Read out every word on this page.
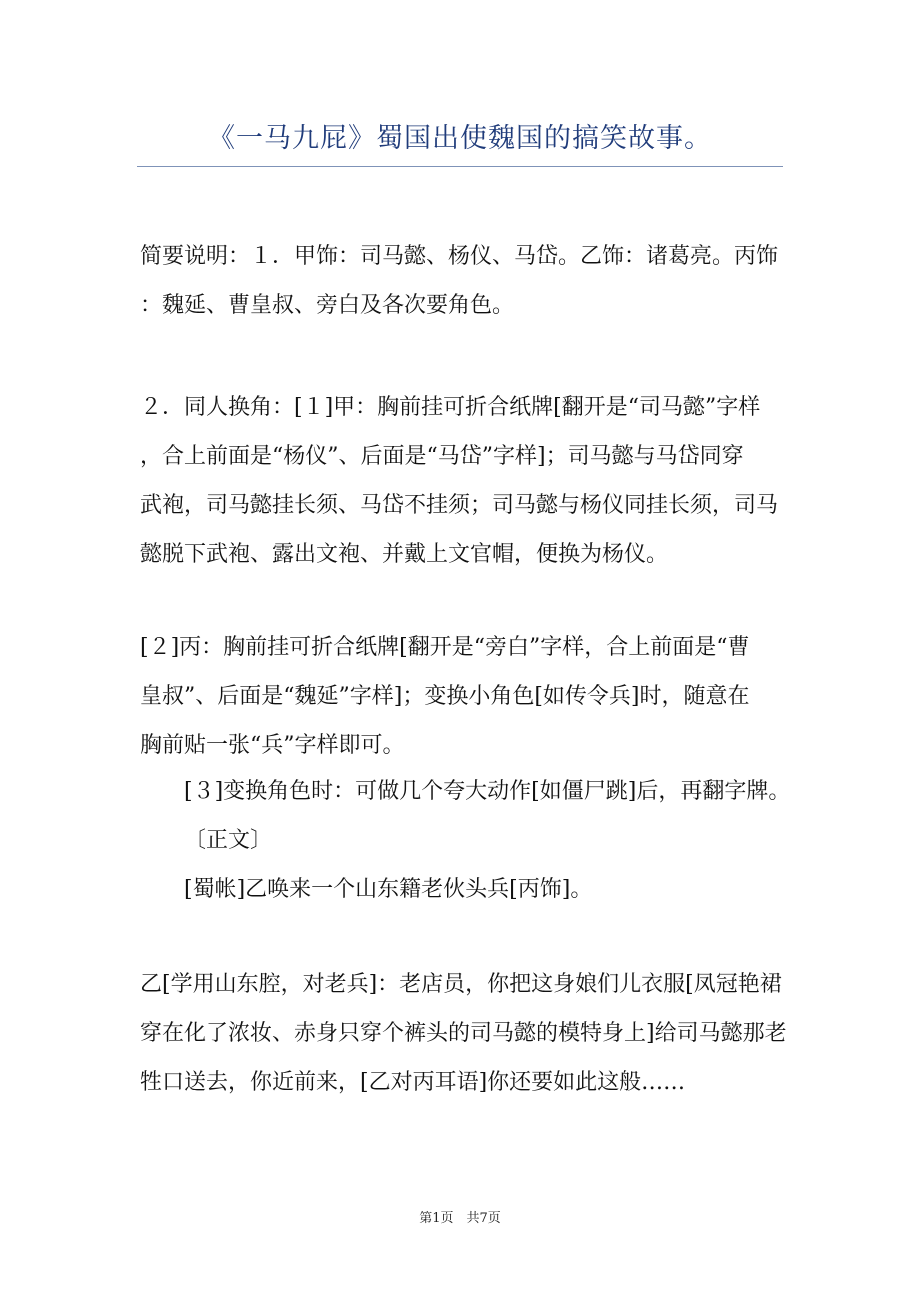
《一马九屁》蜀国出使魏国的搞笑故事。
简要说明：１．甲饰：司马懿、杨仪、马岱。乙饰：诸葛亮。丙饰
：魏延、曹皇叔、旁白及各次要角色。
２．同人换角：[１]甲：胸前挂可折合纸牌[翻开是“司马懿”字样
，合上前面是“杨仪”、后面是“马岱”字样]；司马懿与马岱同穿
武袍，司马懿挂长须、马岱不挂须；司马懿与杨仪同挂长须，司马
懿脱下武袍、露出文袍、并戴上文官帽，便换为杨仪。
[２]丙：胸前挂可折合纸牌[翻开是“旁白”字样，合上前面是“曹
皇叔”、后面是“魏延”字样]；变换小角色[如传令兵]时，随意在
胸前贴一张“兵”字样即可。
[３]变换角色时：可做几个夸大动作[如僵尸跳]后，再翻字牌。
〔正文〕
[蜀帐]乙唤来一个山东籍老伙头兵[丙饰]。
乙[学用山东腔，对老兵]：老店员，你把这身娘们儿衣服[凤冠艳裙
穿在化了浓妆、赤身只穿个裤头的司马懿的模特身上]给司马懿那老
牲口送去，你近前来，[乙对丙耳语]你还要如此这般……
第1页　共7页
